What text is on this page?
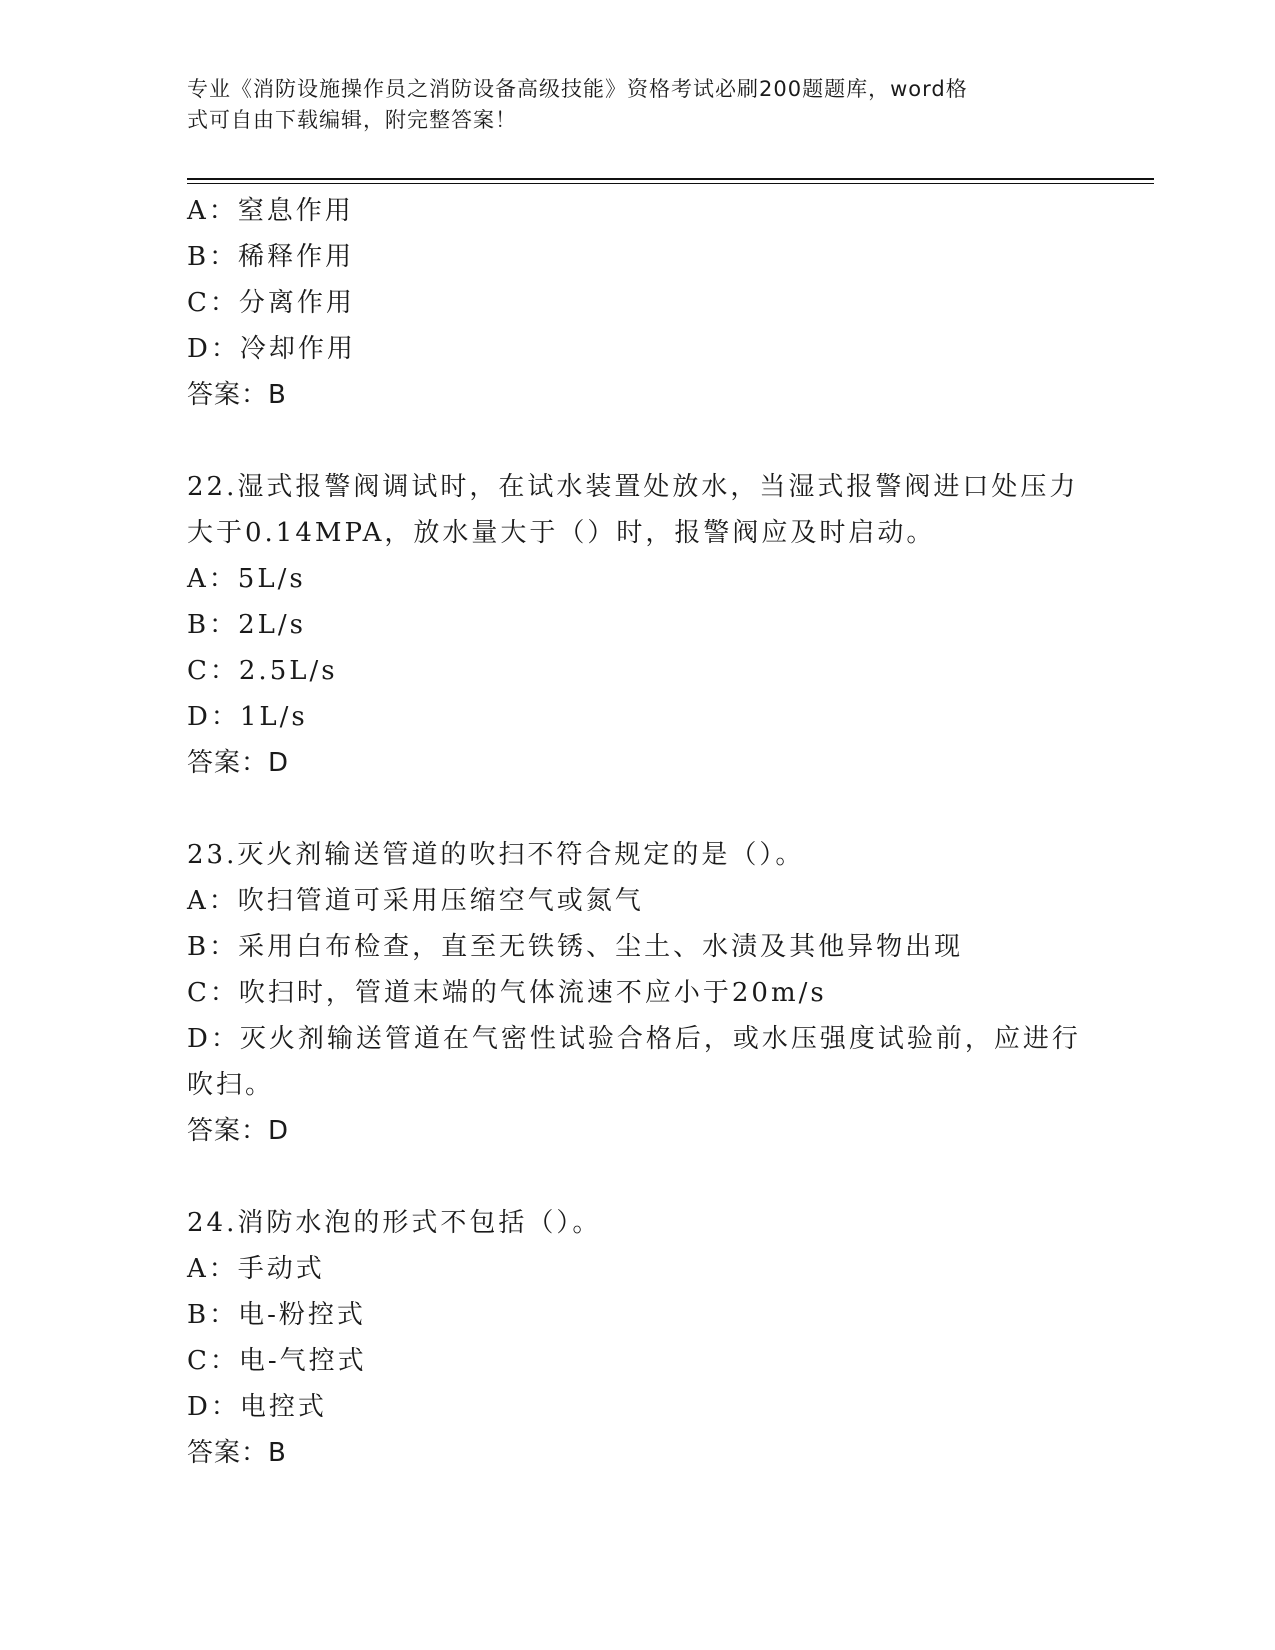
专业《消防设施操作员之消防设备高级技能》资格考试必刷200题题库，word格
式可自由下载编辑，附完整答案！

A：窒息作用

B：稀释作用

C：分离作用

D：冷却作用

答案：B

22.湿式报警阀调试时，在试水装置处放水，当湿式报警阀进口处压力

大于0.14MPA，放水量大于（）时，报警阀应及时启动。

A：5L/s

B：2L/s

C：2.5L/s

D：1L/s

答案：D

23.灭火剂输送管道的吹扫不符合规定的是（）。

A：吹扫管道可采用压缩空气或氮气

B：采用白布检查，直至无铁锈、尘土、水渍及其他异物出现

C：吹扫时，管道末端的气体流速不应小于20m/s

D：灭火剂输送管道在气密性试验合格后，或水压强度试验前，应进行

吹扫。

答案：D

24.消防水泡的形式不包括（）。

A：手动式

B：电-粉控式

C：电-气控式

D：电控式

答案：B
